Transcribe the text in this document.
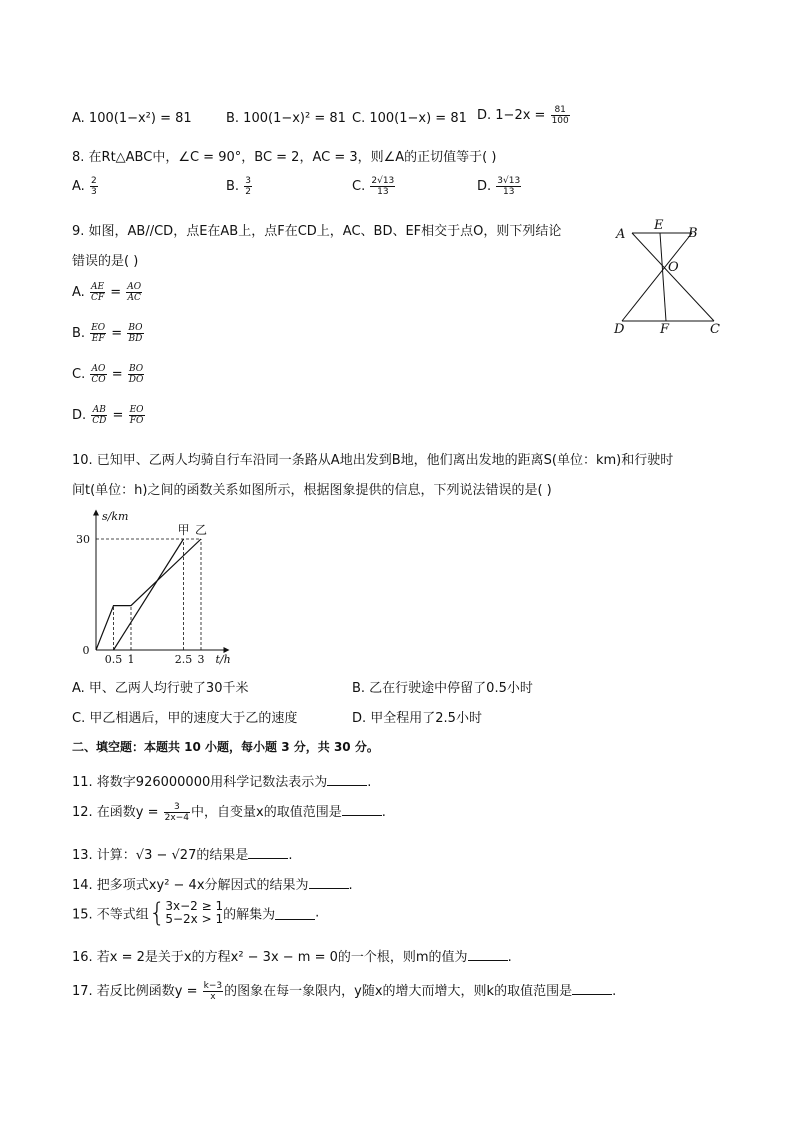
A. 100(1−x²) = 81	B. 100(1−x)² = 81 C. 100(1−x) = 81 D. $1-2x = \frac{81}{100}$
8. 在Rt△ABC中，∠C = 90°，BC = 2，AC = 3，则∠A的正切值等于( )
A. $\frac{2}{3}$	B. $\frac{3}{2}$	C. $\frac{2√13}{13}$	D. $\frac{3√13}{13}$
9. 如图，AB//CD，点E在AB上，点F在CD上，AC、BD、EF相交于点O，则下列结论
错误的是( )
A. $\frac{AE}{CF} = \frac{AO}{AC}$
B. $\frac{EO}{EF} = \frac{BO}{BD}$
C. $\frac{AO}{CO} = \frac{BO}{DO}$
D. $\frac{AB}{CD} = \frac{EO}{FO}$
A
E
B
O
D	F	C
10. 已知甲、乙两人均骑自行车沿同一条路从A地出发到B地，他们离出发地的距离S(单位：km)和行驶时
间t(单位：h)之间的函数关系如图所示，根据图象提供的信息，下列说法错误的是( )
甲 乙
0.5 1	2.5 3
30
0
s/km
t/h
A. 甲、乙两人均行驶了30千米	B. 乙在行驶途中停留了0.5小时
C. 甲乙相遇后，甲的速度大于乙的速度	D. 甲全程用了2.5小时
二、填空题：本题共 10 小题，每小题 3 分，共 30 分。
11. 将数字926000000用科学记数法表示为	.
12. 在函数$y = \frac{3}{2x-4}$ 中，自变量x的取值范围是	.
13. 计算：√3 − √27的结果是	.
14. 把多项式xy² − 4x分解因式的结果为	.
15. 不等式组{ 3x−2 ≥ 1
5−2x > 1 的解集为	.
16. 若x = 2是关于x的方程x² − 3x − m = 0的一个根，则m的值为	.
17. 若反比例函数$y = \frac{k-3}{x}$ 的图象在每一象限内，y随x的增大而增大，则k的取值范围是	.
